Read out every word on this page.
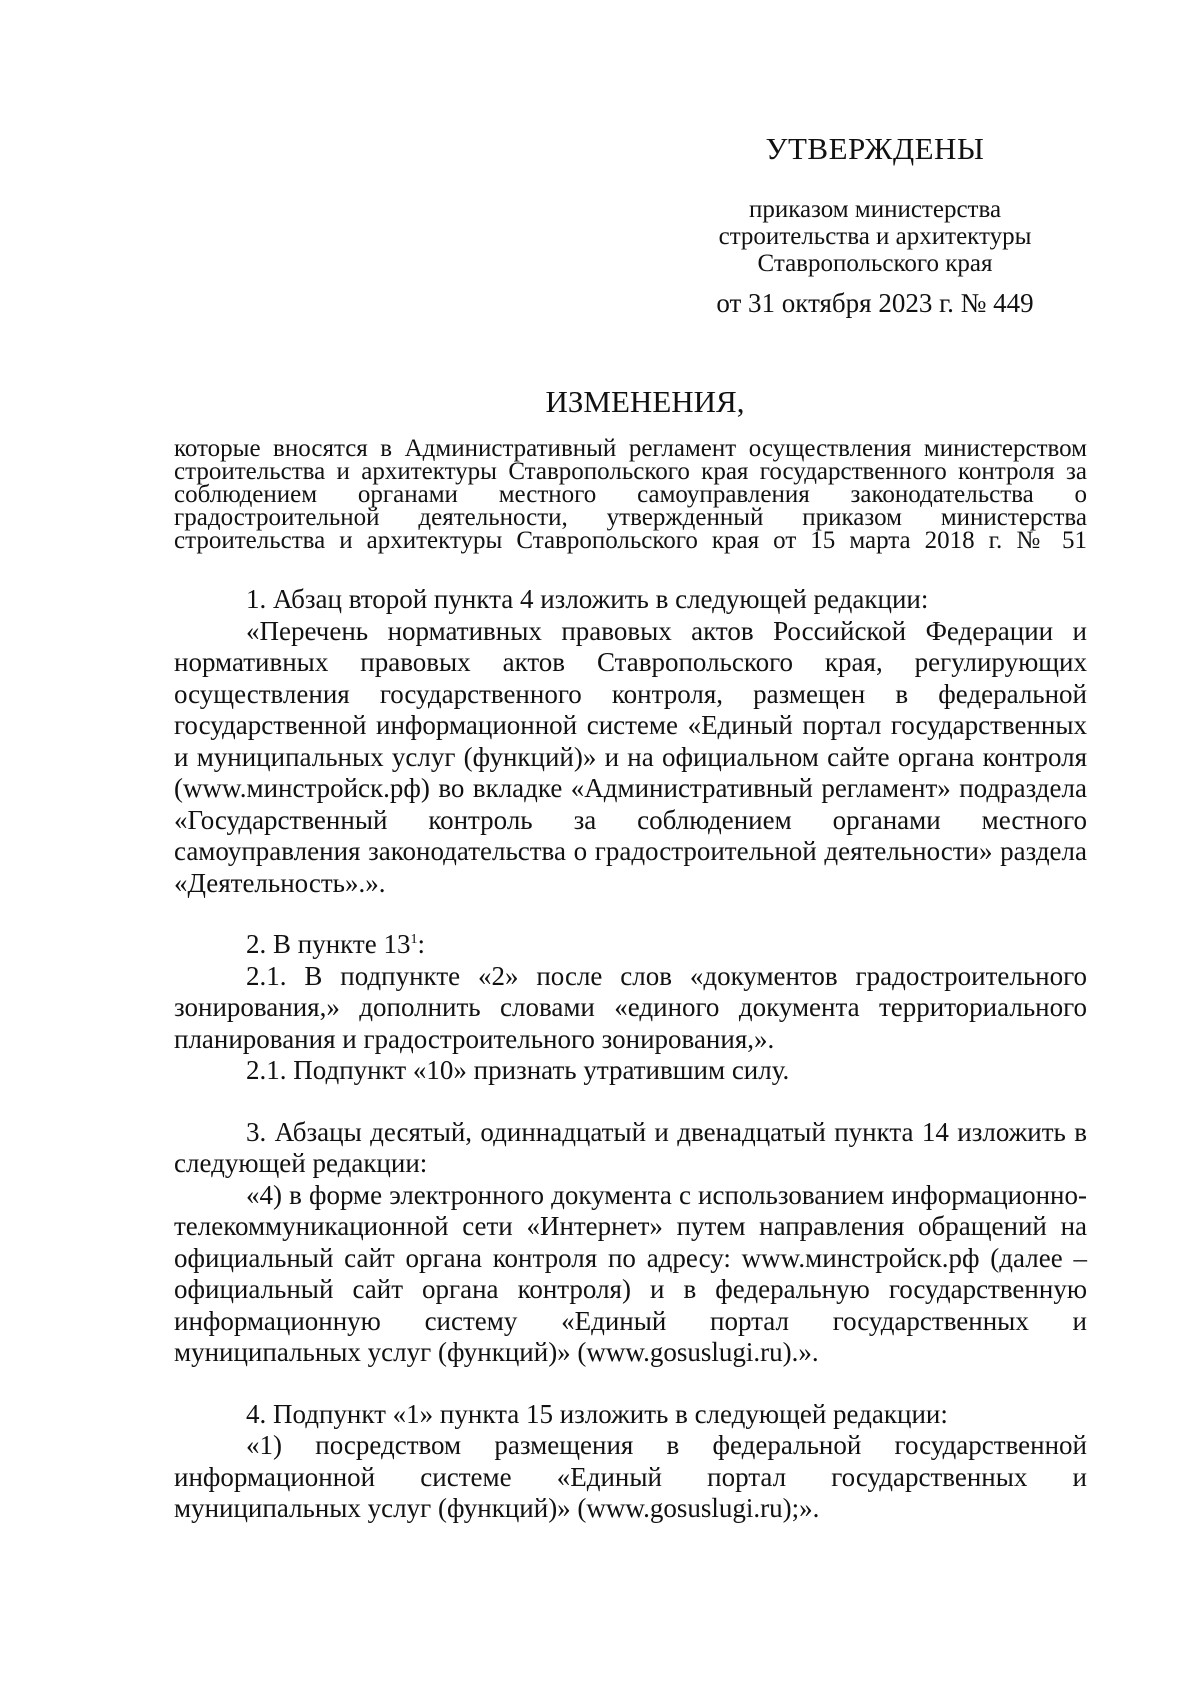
УТВЕРЖДЕНЫ
приказом министерства
строительства и архитектуры
Ставропольского края
от 31 октября 2023 г. № 449
ИЗМЕНЕНИЯ,
которые вносятся в Административный регламент осуществления министерством строительства и архитектуры Ставропольского края государственного контроля за соблюдением органами местного самоуправления законодательства о градостроительной деятельности, утвержденный приказом министерства строительства и архитектуры Ставропольского края от 15 марта 2018 г. № 51

1. Абзац второй пункта 4 изложить в следующей редакции:

«Перечень нормативных правовых актов Российской Федерации и нормативных правовых актов Ставропольского края, регулирующих осуществления государственного контроля, размещен в федеральной государственной информационной системе «Единый портал государственных и муниципальных услуг (функций)» и на официальном сайте органа контроля (www.минстройск.рф) во вкладке «Административный регламент» подраздела «Государственный контроль за соблюдением органами местного самоуправления законодательства о градостроительной деятельности» раздела «Деятельность».».

2. В пункте $13^1$:

2.1. В подпункте «2» после слов «документов градостроительного зонирования,» дополнить словами «единого документа территориального планирования и градостроительного зонирования,».

2.1. Подпункт «10» признать утратившим силу.

3. Абзацы десятый, одиннадцатый и двенадцатый пункта 14 изложить в следующей редакции:

«4) в форме электронного документа с использованием информационно-телекоммуникационной сети «Интернет» путем направления обращений на официальный сайт органа контроля по адресу: www.минстройск.рф (далее – официальный сайт органа контроля) и в федеральную государственную информационную систему «Единый портал государственных и муниципальных услуг (функций)» (www.gosuslugi.ru).».

4. Подпункт «1» пункта 15 изложить в следующей редакции:

«1) посредством размещения в федеральной государственной информационной системе «Единый портал государственных и муниципальных услуг (функций)» (www.gosuslugi.ru);».
